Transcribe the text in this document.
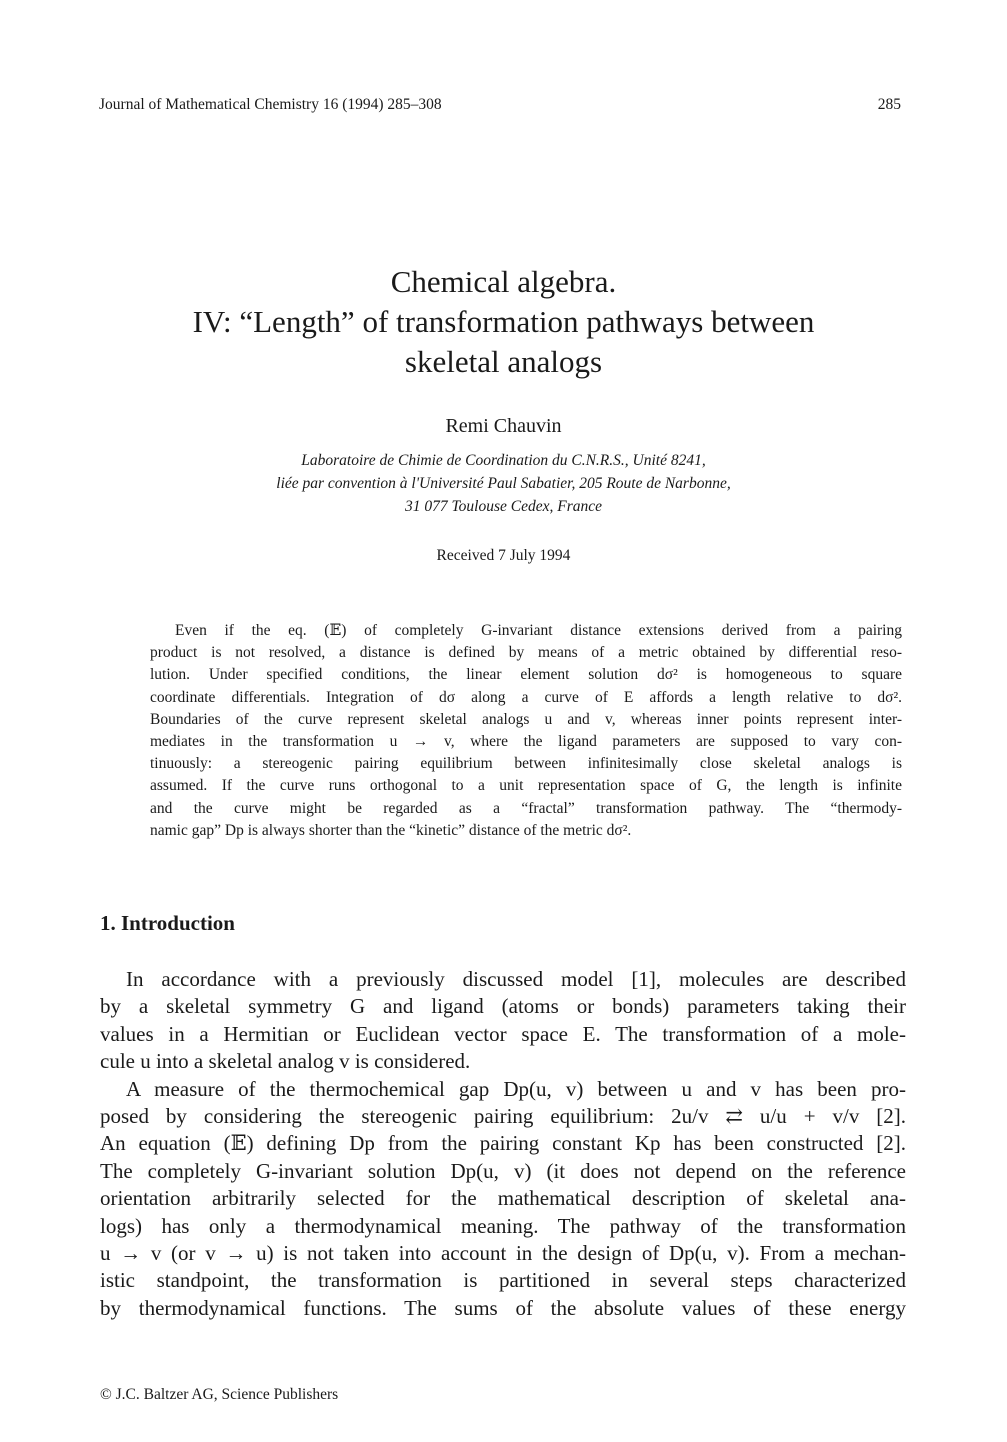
Journal of Mathematical Chemistry 16 (1994) 285–308	285
Chemical algebra.
IV: “Length” of transformation pathways between
skeletal analogs
Remi Chauvin
Laboratoire de Chimie de Coordination du C.N.R.S., Unité 8241,
liée par convention à l'Université Paul Sabatier, 205 Route de Narbonne,
31 077 Toulouse Cedex, France
Received 7 July 1994
Even if the eq. (𝔼) of completely G-invariant distance extensions derived from a pairing
product is not resolved, a distance is defined by means of a metric obtained by differential reso-
lution. Under specified conditions, the linear element solution dσ² is homogeneous to square
coordinate differentials. Integration of dσ along a curve of E affords a length relative to dσ².
Boundaries of the curve represent skeletal analogs u and v, whereas inner points represent inter-
mediates in the transformation u → v, where the ligand parameters are supposed to vary con-
tinuously: a stereogenic pairing equilibrium between infinitesimally close skeletal analogs is
assumed. If the curve runs orthogonal to a unit representation space of G, the length is infinite
and the curve might be regarded as a “fractal” transformation pathway. The “thermody-
namic gap” Dp is always shorter than the “kinetic” distance of the metric dσ².
1. Introduction
In accordance with a previously discussed model [1], molecules are described
by a skeletal symmetry G and ligand (atoms or bonds) parameters taking their
values in a Hermitian or Euclidean vector space E. The transformation of a mole-
cule u into a skeletal analog v is considered.
A measure of the thermochemical gap Dp(u, v) between u and v has been pro-
posed by considering the stereogenic pairing equilibrium: 2u/v ⇄ u/u + v/v [2].
An equation (𝔼) defining Dp from the pairing constant Kp has been constructed [2].
The completely G-invariant solution Dp(u, v) (it does not depend on the reference
orientation arbitrarily selected for the mathematical description of skeletal ana-
logs) has only a thermodynamical meaning. The pathway of the transformation
u → v (or v → u) is not taken into account in the design of Dp(u, v). From a mechan-
istic standpoint, the transformation is partitioned in several steps characterized
by thermodynamical functions. The sums of the absolute values of these energy
© J.C. Baltzer AG, Science Publishers
